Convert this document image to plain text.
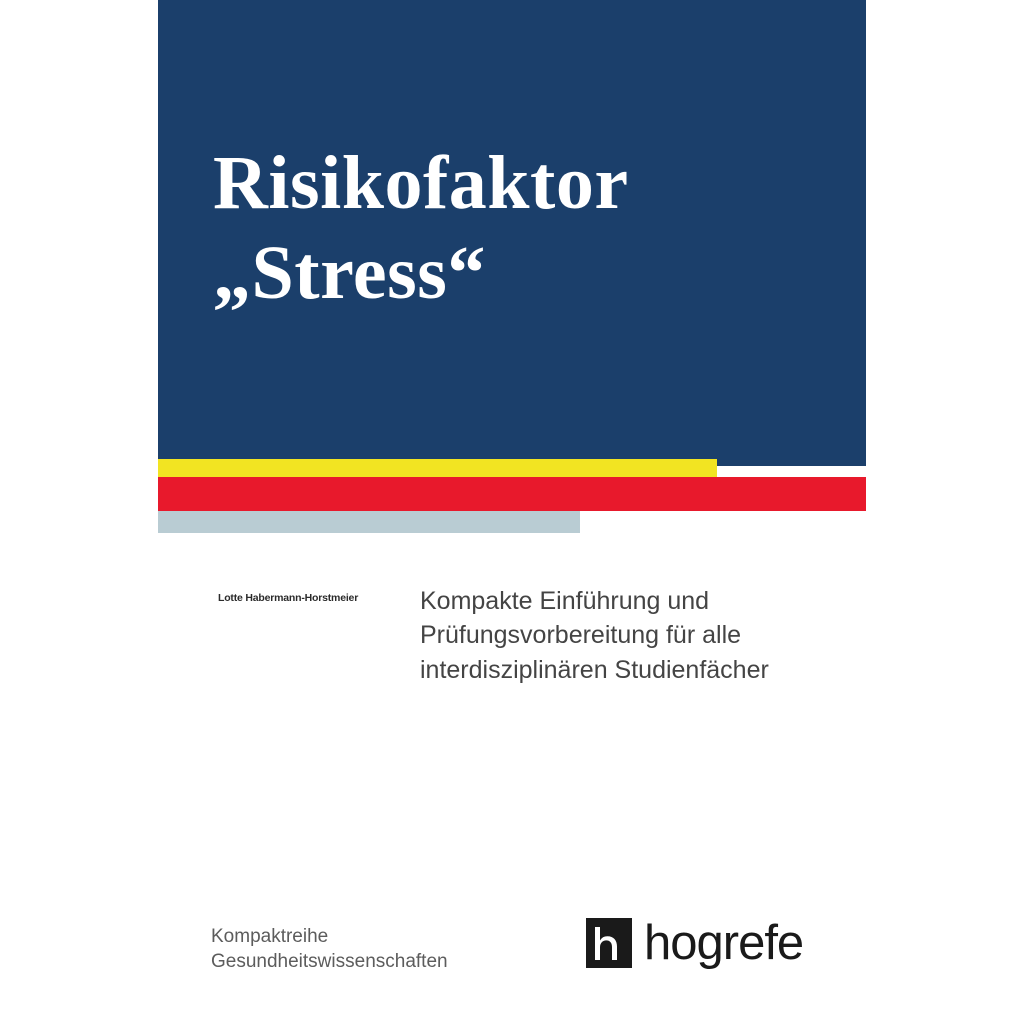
Risikofaktor
„Stress“
Lotte Habermann-Horstmeier	Kompakte Einführung und Prüfungsvorbereitung für alle interdisziplinären Studienfächer
Kompaktreihe
Gesundheitswissenschaften	hogrefe
